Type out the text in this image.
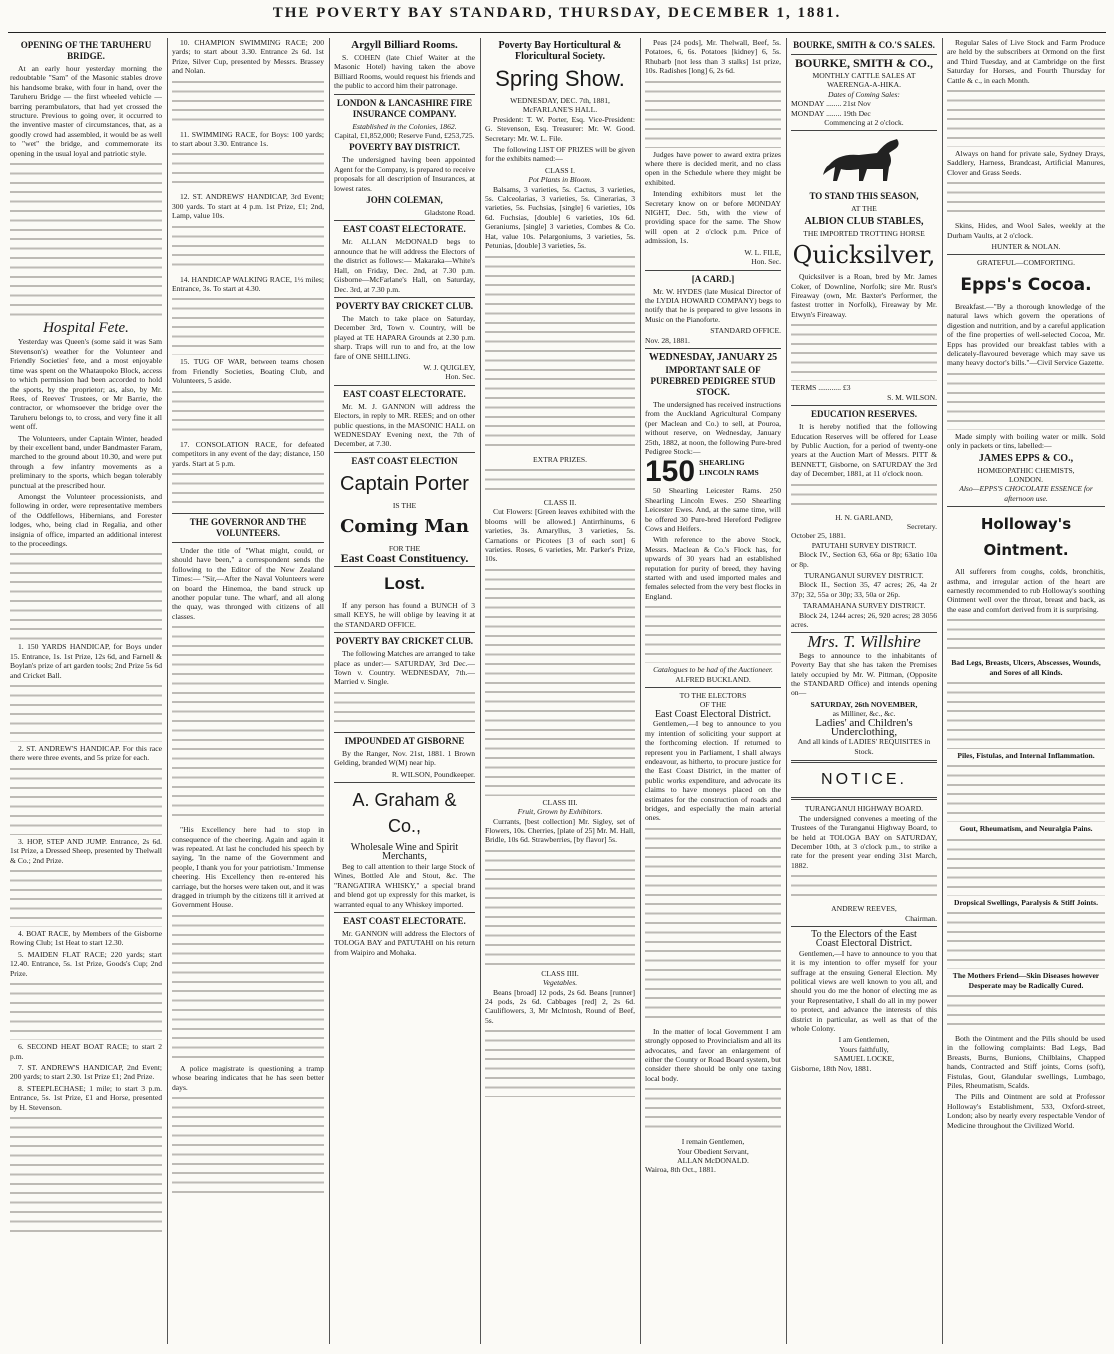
THE POVERTY BAY STANDARD, THURSDAY, DECEMBER 1, 1881.
OPENING OF THE TARUHERU BRIDGE.

At an early hour yesterday morning the redoubtable "Sam" of the Masonic stables drove his handsome brake, with four in hand, over the Taruheru Bridge — the first wheeled vehicle — barring perambulators, that had yet crossed the structure. Previous to going over, it occurred to the inventive master of circumstances, that, as a goodly crowd had assembled, it would be as well to "wet" the bridge, and commemorate its opening in the usual loyal and patriotic style.

Hospital Fete.

Yesterday was Queen's (some said it was Sam Stevenson's) weather for the Volunteer and Friendly Societies' fete, and a most enjoyable time was spent on the Whataupoko Block, access to which permission had been accorded to hold the sports, by the proprietor; as, also, by Mr. Rees, of Reeves' Trustees, or Mr Barrie, the contractor, or whomsoever the bridge over the Taruheru belongs to, to cross, and very fine it all went off.

The Volunteers, under Captain Winter, headed by their excellent band, under Bandmaster Faram, marched to the ground about 10.30, and were put through a few infantry movements as a preliminary to the sports, which began tolerably punctual at the prescribed hour.

Amongst the Volunteer processionists, and following in order, were representative members of the Oddfellows, Hibernians, and Forester lodges, who, being clad in Regalia, and other insignia of office, imparted an additional interest to the proceedings.

1. 150 YARDS HANDICAP, for Boys under 15. Entrance, 1s. 1st Prize, 12s 6d, and Farnell & Boylan's prize of art garden tools; 2nd Prize 5s 6d and Cricket Ball.

2. ST. ANDREW'S HANDICAP. For this race there were three events, and 5s prize for each.

3. HOP, STEP AND JUMP. Entrance, 2s 6d. 1st Prize, a Dressed Sheep, presented by Thelwall & Co.; 2nd Prize.

4. BOAT RACE, by Members of the Gisborne Rowing Club; 1st Heat to start 12.30.

5. MAIDEN FLAT RACE; 220 yards; start 12.40. Entrance, 5s. 1st Prize, Goods's Cup; 2nd Prize.

6. SECOND HEAT BOAT RACE; to start 2 p.m.

7. ST. ANDREW'S HANDICAP, 2nd Event; 200 yards; to start 2.30. 1st Prize £1; 2nd Prize.

8. STEEPLECHASE; 1 mile; to start 3 p.m. Entrance, 5s. 1st Prize, £1 and Horse, presented by H. Stevenson.

10. CHAMPION SWIMMING RACE; 200 yards; to start about 3.30. Entrance 2s 6d. 1st Prize, Silver Cup, presented by Messrs. Brassey and Nolan.

11. SWIMMING RACE, for Boys: 100 yards; to start about 3.30. Entrance 1s.

12. ST. ANDREWS' HANDICAP, 3rd Event; 300 yards. To start at 4 p.m. 1st Prize, £1; 2nd, Lamp, value 10s.

14. HANDICAP WALKING RACE, 1½ miles; Entrance, 3s. To start at 4.30.

15. TUG OF WAR, between teams chosen from Friendly Societies, Boating Club, and Volunteers, 5 aside.

17. CONSOLATION RACE, for defeated competitors in any event of the day; distance, 150 yards. Start at 5 p.m.

THE GOVERNOR AND THE VOLUNTEERS.

Under the title of "What might, could, or should have been," a correspondent sends the following to the Editor of the New Zealand Times:— "Sir,—After the Naval Volunteers were on board the Hinemoa, the band struck up another popular tune. The wharf, and all along the quay, was thronged with citizens of all classes.

"His Excellency here had to stop in consequence of the cheering. Again and again it was repeated. At last he concluded his speech by saying, 'In the name of the Government and people, I thank you for your patriotism.' Immense cheering. His Excellency then re-entered his carriage, but the horses were taken out, and it was dragged in triumph by the citizens till it arrived at Government House.

A police magistrate is questioning a tramp whose bearing indicates that he has seen better days.

Argyll Billiard Rooms.

S. COHEN (late Chief Waiter at the Masonic Hotel) having taken the above Billiard Rooms, would request his friends and the public to accord him their patronage.

LONDON & LANCASHIRE FIRE INSURANCE COMPANY.
Established in the Colonies, 1862.
Capital, £1,852,000; Reserve Fund, £253,725.
POVERTY BAY DISTRICT.

The undersigned having been appointed Agent for the Company, is prepared to receive proposals for all description of Insurances, at lowest rates.

JOHN COLEMAN,
Gladstone Road.
EAST COAST ELECTORATE.

Mr. ALLAN McDONALD begs to announce that he will address the Electors of the district as follows:— Makaraka—White's Hall, on Friday, Dec. 2nd, at 7.30 p.m. Gisborne—McFarlane's Hall, on Saturday, Dec. 3rd, at 7.30 p.m.

POVERTY BAY CRICKET CLUB.

The Match to take place on Saturday, December 3rd, Town v. Country, will be played at TE HAPARA Grounds at 2.30 p.m. sharp. Traps will run to and fro, at the low fare of ONE SHILLING.

W. J. QUIGLEY,
Hon. Sec.
EAST COAST ELECTORATE.

Mr. M. J. GANNON will address the Electors, in reply to MR. REES; and on other public questions, in the MASONIC HALL on WEDNESDAY Evening next, the 7th of December, at 7.30.

EAST COAST ELECTION
Captain Porter
IS THE
Coming Man
FOR THE
East Coast Constituency.
Lost.

If any person has found a BUNCH of 3 small KEYS, he will oblige by leaving it at the STANDARD OFFICE.

POVERTY BAY CRICKET CLUB.

The following Matches are arranged to take place as under:— SATURDAY, 3rd Dec.—Town v. Country. WEDNESDAY, 7th.—Married v. Single.

IMPOUNDED AT GISBORNE

By the Ranger, Nov. 21st, 1881. 1 Brown Gelding, branded W(M) near hip.

R. WILSON, Poundkeeper.
A. Graham & Co.,
Wholesale Wine and Spirit Merchants,

Beg to call attention to their large Stock of Wines, Bottled Ale and Stout, &c. The "RANGATIRA WHISKY," a special brand and blend got up expressly for this market, is warranted equal to any Whiskey imported.

EAST COAST ELECTORATE.

Mr. GANNON will address the Electors of TOLOGA BAY and PATUTAHI on his return from Waipiro and Mohaka.

Poverty Bay Horticultural & Floricultural Society.
Spring Show.
WEDNESDAY, DEC. 7th, 1881,
McFARLANE'S HALL.

President: T. W. Porter, Esq. Vice-President: G. Stevenson, Esq. Treasurer: Mr. W. Good. Secretary: Mr. W. L. File.

The following LIST OF PRIZES will be given for the exhibits named:—

CLASS I.
Pot Plants in Bloom.

Balsams, 3 varieties, 5s. Cactus, 3 varieties, 5s. Calceolarias, 3 varieties, 5s. Cinerarias, 3 varieties, 5s. Fuchsias, [single] 6 varieties, 10s 6d. Fuchsias, [double] 6 varieties, 10s 6d. Geraniums, [single] 3 varieties, Combes & Co. Hat, value 10s. Pelargoniums, 3 varieties, 5s. Petunias, [double] 3 varieties, 5s.

EXTRA PRIZES.
CLASS II.

Cut Flowers: [Green leaves exhibited with the blooms will be allowed.] Antirrhinums, 6 varieties, 3s. Amaryllus, 3 varieties, 5s. Carnations or Picotees [3 of each sort] 6 varieties. Roses, 6 varieties, Mr. Parker's Prize, 10s.

CLASS III.
Fruit, Grown by Exhibitors.

Currants, [best collection] Mr. Sigley, set of Flowers, 10s. Cherries, [plate of 25] Mr. M. Hall, Bridle, 10s 6d. Strawberries, [by flavor] 5s.

CLASS IIII.
Vegetables.

Beans [broad] 12 pods, 2s 6d. Beans [runner] 24 pods, 2s 6d. Cabbages [red] 2, 2s 6d. Cauliflowers, 3, Mr McIntosh, Round of Beef, 5s.

Peas [24 pods], Mr. Thelwall, Beef, 5s. Potatoes, 6, 6s. Potatoes [kidney] 6, 5s. Rhubarb [not less than 3 stalks] 1st prize, 10s. Radishes [long] 6, 2s 6d.

Judges have power to award extra prizes where there is decided merit, and no class open in the Schedule where they might be exhibited.

Intending exhibitors must let the Secretary know on or before MONDAY NIGHT, Dec. 5th, with the view of providing space for the same. The Show will open at 2 o'clock p.m. Price of admission, 1s.

W. L. FILE,
Hon. Sec.
[A CARD.]

Mr. W. HYDES (late Musical Director of the LYDIA HOWARD COMPANY) begs to notify that he is prepared to give lessons in Music on the Pianoforte.

STANDARD OFFICE.
Nov. 28, 1881.
WEDNESDAY, JANUARY 25
IMPORTANT SALE OF PUREBRED PEDIGREE STUD STOCK.

The undersigned has received instructions from the Auckland Agricultural Company (per Maclean and Co.) to sell, at Pouroa, without reserve, on Wednesday, January 25th, 1882, at noon, the following Pure-bred Pedigree Stock:—

150 SHEARLING LINCOLN RAMS

50 Shearling Leicester Rams. 250 Shearling Lincoln Ewes. 250 Shearling Leicester Ewes. And, at the same time, will be offered 30 Pure-bred Hereford Pedigree Cows and Heifers.

With reference to the above Stock, Messrs. Maclean & Co.'s Flock has, for upwards of 30 years had an established reputation for purity of breed, they having started with and used imported males and females selected from the very best flocks in England.

Catalogues to be had of the Auctioneer.
ALFRED BUCKLAND.
TO THE ELECTORS
OF THE
East Coast Electoral District.

Gentlemen,—I beg to announce to you my intention of soliciting your support at the forthcoming election. If returned to represent you in Parliament, I shall always endeavour, as hitherto, to procure justice for the East Coast District, in the matter of public works expenditure, and advocate its claims to have moneys placed on the estimates for the construction of roads and bridges, and especially the main arterial ones.

In the matter of local Government I am strongly opposed to Provincialism and all its advocates, and favor an enlargement of either the County or Road Board system, but consider there should be only one taxing local body.

I remain Gentlemen,
Your Obedient Servant,
ALLAN McDONALD.
Wairoa, 8th Oct., 1881.
BOURKE, SMITH & CO.'S SALES.
BOURKE, SMITH & CO.,
MONTHLY CATTLE SALES AT WAERENGA-A-HIKA.
Dates of Coming Sales:
MONDAY ........ 21st Nov
MONDAY ........ 19th Dec
Commencing at 2 o'clock.
TO STAND THIS SEASON,
AT THE
ALBION CLUB STABLES,
THE IMPORTED TROTTING HORSE
Quicksilver,

Quicksilver is a Roan, bred by Mr. James Coker, of Downline, Norfolk; sire Mr. Rust's Fireaway (own, Mr. Baxter's Performer, the fastest trotter in Norfolk), Fireaway by Mr. Etwyn's Fireaway.

TERMS ............ £3
S. M. WILSON.
EDUCATION RESERVES.

It is hereby notified that the following Education Reserves will be offered for Lease by Public Auction, for a period of twenty-one years at the Auction Mart of Messrs. PITT & BENNETT, Gisborne, on SATURDAY the 3rd day of December, 1881, at 11 o'clock noon.

H. N. GARLAND,
Secretary.
October 25, 1881.
PATUTAHI SURVEY DISTRICT.

Block IV., Section 63, 66a or 8p; 63atio 10a or 8p.

TURANGANUI SURVEY DISTRICT.

Block II., Section 35, 47 acres; 26, 4a 2r 37p; 32, 55a or 30p; 33, 50a or 26p.

TARAMAHANA SURVEY DISTRICT.

Block 24, 1244 acres; 26, 920 acres; 28 3056 acres.

Mrs. T. Willshire

Begs to announce to the inhabitants of Poverty Bay that she has taken the Premises lately occupied by Mr. W. Pittman, (Opposite the STANDARD Office) and intends opening on—

SATURDAY, 26th NOVEMBER,
as Milliner, &c., &c.
Ladies' and Children's Underclothing,
And all kinds of LADIES' REQUISITES in Stock.
NOTICE.
TURANGANUI HIGHWAY BOARD.

The undersigned convenes a meeting of the Trustees of the Turanganui Highway Board, to be held at TOLOGA BAY on SATURDAY, December 10th, at 3 o'clock p.m., to strike a rate for the present year ending 31st March, 1882.

ANDREW REEVES,
Chairman.
To the Electors of the East
Coast Electoral District.

Gentlemen,—I have to announce to you that it is my intention to offer myself for your suffrage at the ensuing General Election. My political views are well known to you all, and should you do me the honor of electing me as your Representative, I shall do all in my power to protect, and advance the interests of this district in particular, as well as that of the whole Colony.

I am Gentlemen,
Yours faithfully,
SAMUEL LOCKE,
Gisborne, 18th Nov, 1881.

Regular Sales of Live Stock and Farm Produce are held by the subscribers at Ormond on the first and Third Tuesday, and at Cambridge on the first Saturday for Horses, and Fourth Thursday for Cattle & c., in each Month.

Always on hand for private sale, Sydney Drays, Saddlery, Harness, Brandcast, Artificial Manures, Clover and Grass Seeds.

Skins, Hides, and Wool Sales, weekly at the Durham Vaults, at 2 o'clock.

HUNTER & NOLAN.
GRATEFUL—COMFORTING.
Epps's Cocoa.

Breakfast.—"By a thorough knowledge of the natural laws which govern the operations of digestion and nutrition, and by a careful application of the fine properties of well-selected Cocoa, Mr. Epps has provided our breakfast tables with a delicately-flavoured beverage which may save us many heavy doctor's bills."—Civil Service Gazette.

Made simply with boiling water or milk. Sold only in packets or tins, labelled:—

JAMES EPPS & CO.,
HOMŒOPATHIC CHEMISTS,
LONDON.
Also—EPPS'S CHOCOLATE ESSENCE for afternoon use.
Holloway's Ointment.

All sufferers from coughs, colds, bronchitis, asthma, and irregular action of the heart are earnestly recommended to rub Holloway's soothing Ointment well over the throat, breast and back, as the ease and comfort derived from it is surprising.

Bad Legs, Breasts, Ulcers, Abscesses, Wounds, and Sores of all Kinds.
Piles, Fistulas, and Internal Inflammation.
Gout, Rheumatism, and Neuralgia Pains.
Dropsical Swellings, Paralysis & Stiff Joints.
The Mothers Friend—Skin Diseases however Desperate may be Radically Cured.

Both the Ointment and the Pills should be used in the following complaints: Bad Legs, Bad Breasts, Burns, Bunions, Chilblains, Chapped hands, Contracted and Stiff joints, Corns (soft), Fistulas, Gout, Glandular swellings, Lumbago, Piles, Rheumatism, Scalds.

The Pills and Ointment are sold at Professor Holloway's Establishment, 533, Oxford-street, London; also by nearly every respectable Vendor of Medicine throughout the Civilized World.
